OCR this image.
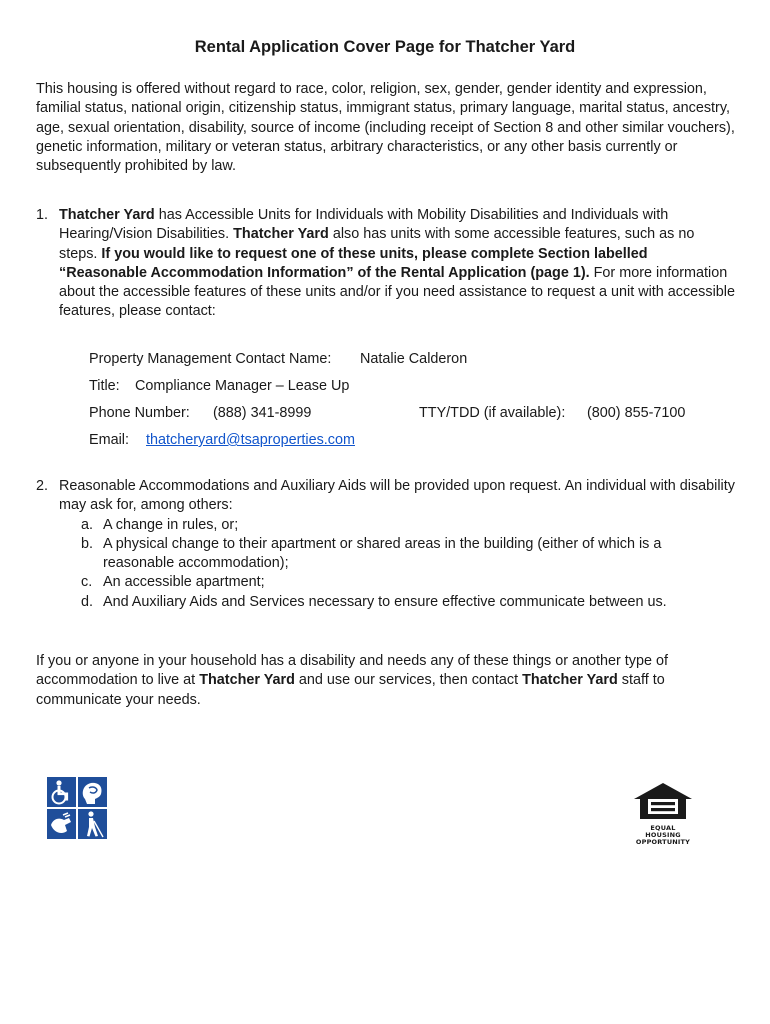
Rental Application Cover Page for Thatcher Yard

This housing is offered without regard to race, color, religion, sex, gender, gender identity and expression, familial status, national origin, citizenship status, immigrant status, primary language, marital status, ancestry, age, sexual orientation, disability, source of income (including receipt of Section 8 and other similar vouchers), genetic information, military or veteran status, arbitrary characteristics, or any other basis currently or subsequently prohibited by law.

1. Thatcher Yard has Accessible Units for Individuals with Mobility Disabilities and Individuals with Hearing/Vision Disabilities. Thatcher Yard also has units with some accessible features, such as no steps. If you would like to request one of these units, please complete Section labelled “Reasonable Accommodation Information” of the Rental Application (page 1). For more information about the accessible features of these units and/or if you need assistance to request a unit with accessible features, please contact:
Property Management Contact Name: Natalie Calderon
Title: Compliance Manager – Lease Up
Phone Number: (888) 341-8999	TTY/TDD (if available): (800) 855-7100
Email: thatcheryard@tsaproperties.com
2. Reasonable Accommodations and Auxiliary Aids will be provided upon request. An individual with disability may ask for, among others:
a. A change in rules, or;
b. A physical change to their apartment or shared areas in the building (either of which is a reasonable accommodation);
c. An accessible apartment;
d. And Auxiliary Aids and Services necessary to ensure effective communicate between us.

If you or anyone in your household has a disability and needs any of these things or another type of accommodation to live at Thatcher Yard and use our services, then contact Thatcher Yard staff to communicate your needs.

EQUAL HOUSING
OPPORTUNITY
